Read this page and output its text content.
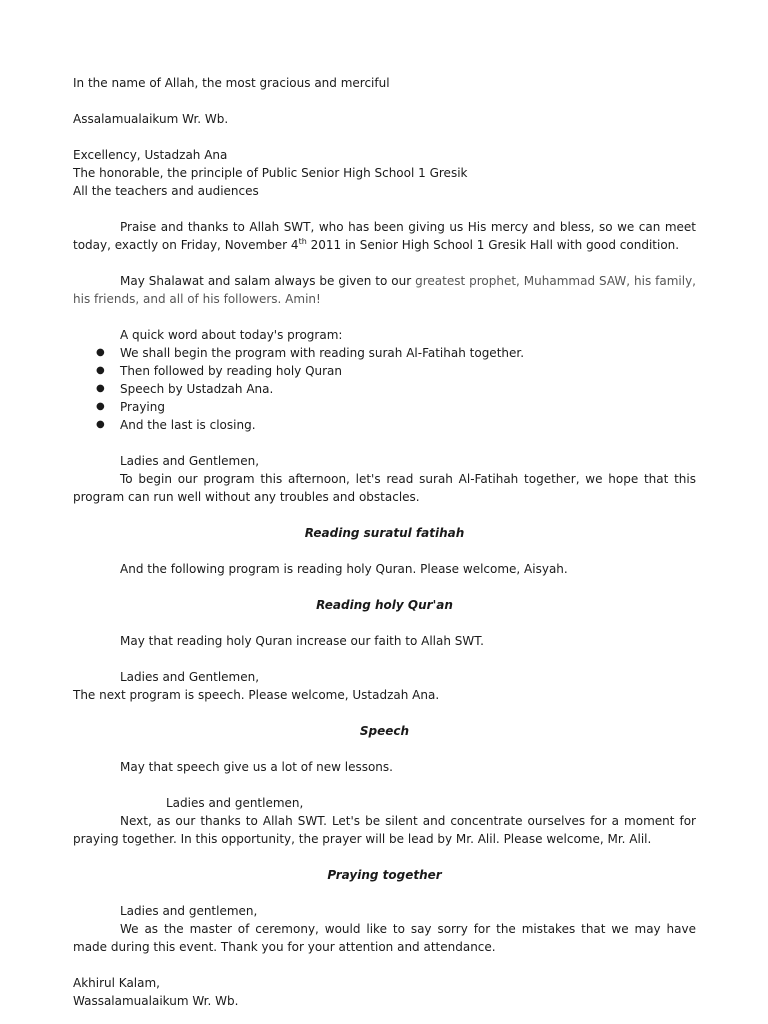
In the name of Allah, the most gracious and merciful

Assalamualaikum Wr. Wb.

Excellency, Ustadzah Ana

The honorable, the principle of Public Senior High School 1 Gresik

All the teachers and audiences

Praise and thanks to Allah SWT, who has been giving us His mercy and bless, so we can meet today, exactly on Friday, November 4th 2011 in Senior High School 1 Gresik Hall with good condition.

May Shalawat and salam always be given to our greatest prophet, Muhammad SAW, his family, his friends, and all of his followers. Amin!

A quick word about today's program:

● We shall begin the program with reading surah Al-Fatihah together.
● Then followed by reading holy Quran
● Speech by Ustadzah Ana.
● Praying
● And the last is closing.

Ladies and Gentlemen,

To begin our program this afternoon, let's read surah Al-Fatihah together, we hope that this program can run well without any troubles and obstacles.

Reading suratul fatihah

And the following program is reading holy Quran. Please welcome, Aisyah.

Reading holy Qur'an

May that reading holy Quran increase our faith to Allah SWT.

Ladies and Gentlemen,

The next program is speech. Please welcome, Ustadzah Ana.

Speech

May that speech give us a lot of new lessons.

Ladies and gentlemen,

Next, as our thanks to Allah SWT. Let's be silent and concentrate ourselves for a moment for praying together. In this opportunity, the prayer will be lead by Mr. Alil. Please welcome, Mr. Alil.

Praying together

Ladies and gentlemen,

We as the master of ceremony, would like to say sorry for the mistakes that we may have made during this event. Thank you for your attention and attendance.

Akhirul Kalam,

Wassalamualaikum Wr. Wb.
